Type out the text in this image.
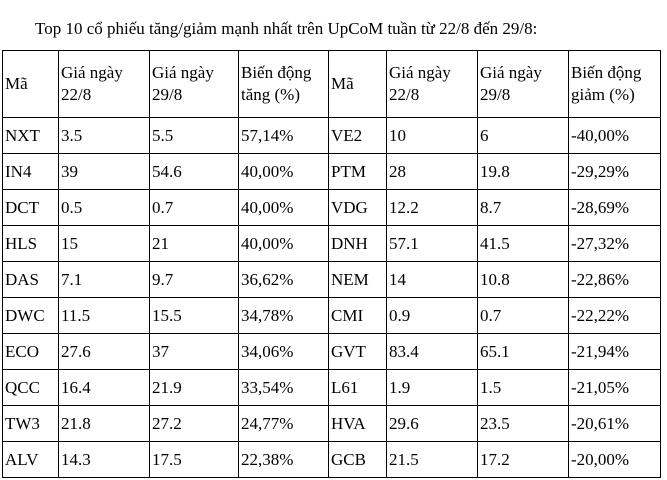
Top 10 cổ phiếu tăng/giảm mạnh nhất trên UpCoM tuần từ 22/8 đến 29/8:
Mã	Giá ngày 22/8	Giá ngày 29/8	Biến động tăng (%)	Mã	Giá ngày 22/8	Giá ngày 29/8	Biến động giảm (%)
NXT	3.5	5.5	57,14%	VE2	10	6	-40,00%
IN4	39	54.6	40,00%	PTM	28	19.8	-29,29%
DCT	0.5	0.7	40,00%	VDG	12.2	8.7	-28,69%
HLS	15	21	40,00%	DNH	57.1	41.5	-27,32%
DAS	7.1	9.7	36,62%	NEM	14	10.8	-22,86%
DWC	11.5	15.5	34,78%	CMI	0.9	0.7	-22,22%
ECO	27.6	37	34,06%	GVT	83.4	65.1	-21,94%
QCC	16.4	21.9	33,54%	L61	1.9	1.5	-21,05%
TW3	21.8	27.2	24,77%	HVA	29.6	23.5	-20,61%
ALV	14.3	17.5	22,38%	GCB	21.5	17.2	-20,00%
